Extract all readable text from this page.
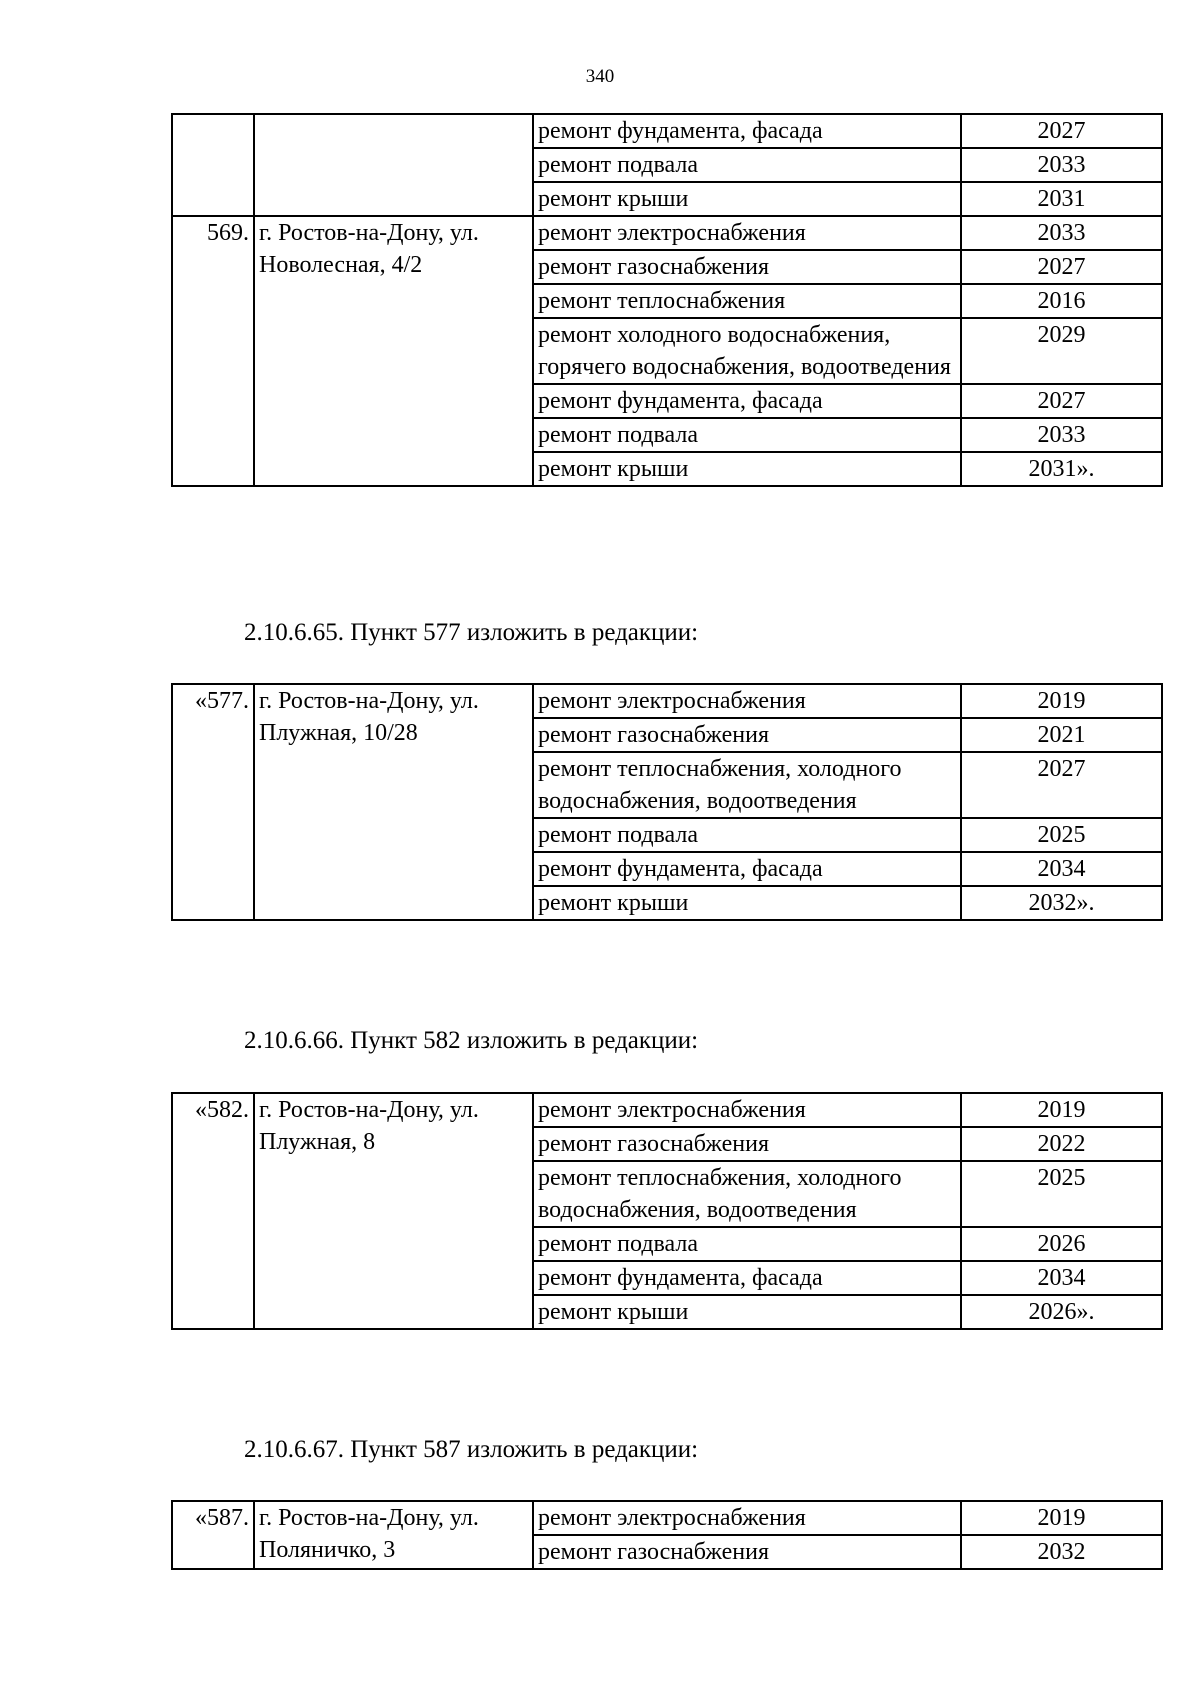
340
		ремонт фундамента, фасада	2027
		ремонт подвала	2033
		ремонт крыши	2031
569.	г. Ростов-на-Дону, ул. Новолесная, 4/2	ремонт электроснабжения	2033
		ремонт газоснабжения	2027
		ремонт теплоснабжения	2016
		ремонт холодного водоснабжения, горячего водоснабжения, водоотведения	2029
		ремонт фундамента, фасада	2027
		ремонт подвала	2033
		ремонт крыши	2031».
2.10.6.65. Пункт 577 изложить в редакции:
«577.	г. Ростов-на-Дону, ул. Плужная, 10/28	ремонт электроснабжения	2019
		ремонт газоснабжения	2021
		ремонт теплоснабжения, холодного водоснабжения, водоотведения	2027
		ремонт подвала	2025
		ремонт фундамента, фасада	2034
		ремонт крыши	2032».
2.10.6.66. Пункт 582 изложить в редакции:
«582.	г. Ростов-на-Дону, ул. Плужная, 8	ремонт электроснабжения	2019
		ремонт газоснабжения	2022
		ремонт теплоснабжения, холодного водоснабжения, водоотведения	2025
		ремонт подвала	2026
		ремонт фундамента, фасада	2034
		ремонт крыши	2026».
2.10.6.67. Пункт 587 изложить в редакции:
«587.	г. Ростов-на-Дону, ул. Поляничко, 3	ремонт электроснабжения	2019
		ремонт газоснабжения	2032
